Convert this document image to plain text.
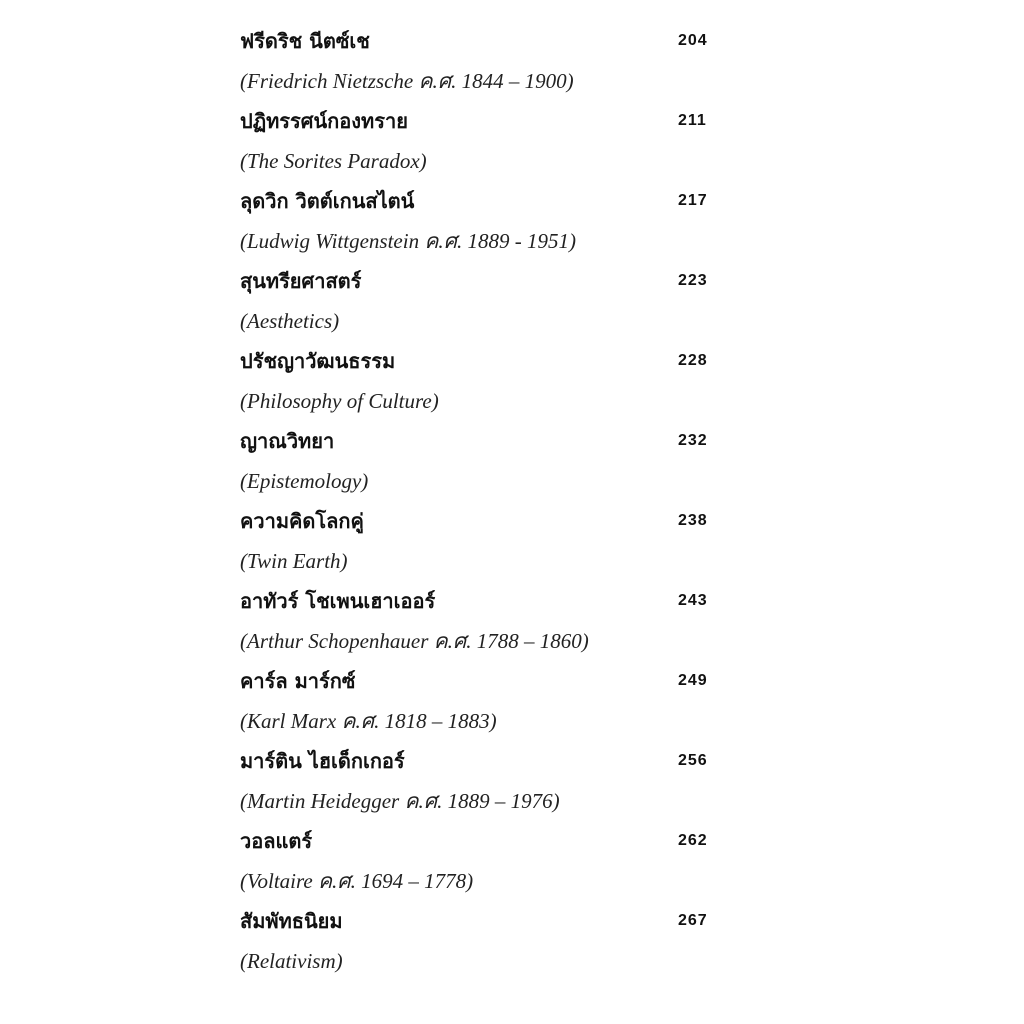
ฟรีดริช นีตซ์เช	204
(Friedrich Nietzsche ค.ศ. 1844 – 1900)
ปฏิทรรศน์กองทราย	211
(The Sorites Paradox)
ลุดวิก วิตต์เกนสไตน์	217
(Ludwig Wittgenstein ค.ศ. 1889 - 1951)
สุนทรียศาสตร์	223
(Aesthetics)
ปรัชญาวัฒนธรรม	228
(Philosophy of Culture)
ญาณวิทยา	232
(Epistemology)
ความคิดโลกคู่	238
(Twin Earth)
อาทัวร์ โชเพนเฮาเออร์	243
(Arthur Schopenhauer ค.ศ. 1788 – 1860)
คาร์ล มาร์กซ์	249
(Karl Marx ค.ศ. 1818 – 1883)
มาร์ติน ไฮเด็กเกอร์	256
(Martin Heidegger ค.ศ. 1889 – 1976)
วอลแตร์	262
(Voltaire ค.ศ. 1694 – 1778)
สัมพัทธนิยม	267
(Relativism)
